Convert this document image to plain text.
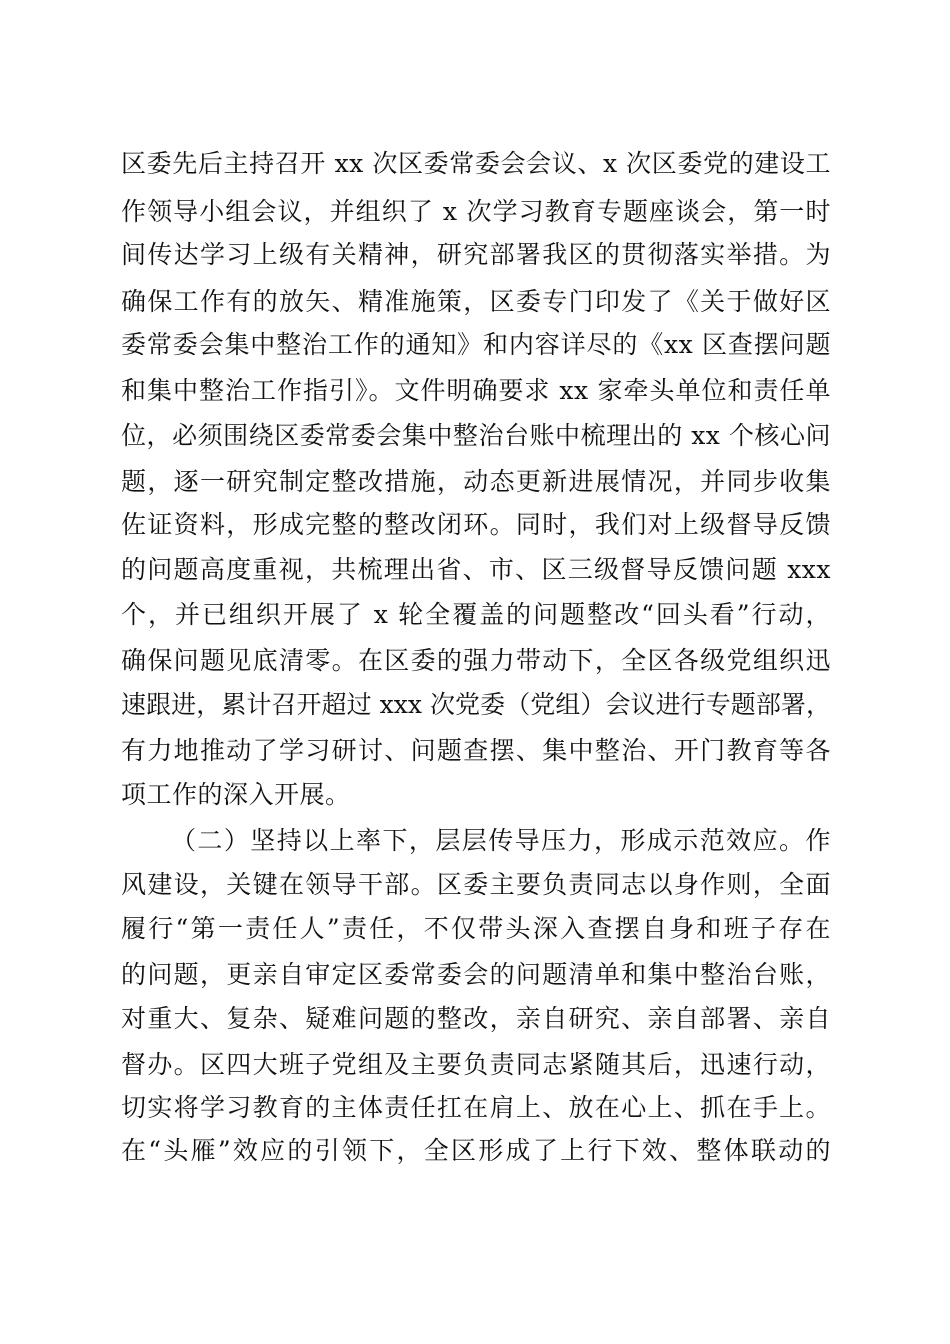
区委先后主持召开 xx 次区委常委会会议、x 次区委党的建设工
作领导小组会议，并组织了 x 次学习教育专题座谈会，第一时
间传达学习上级有关精神，研究部署我区的贯彻落实举措。为
确保工作有的放矢、精准施策，区委专门印发了《关于做好区
委常委会集中整治工作的通知》和内容详尽的《xx 区查摆问题
和集中整治工作指引》。文件明确要求 xx 家牵头单位和责任单
位，必须围绕区委常委会集中整治台账中梳理出的 xx 个核心问
题，逐一研究制定整改措施，动态更新进展情况，并同步收集
佐证资料，形成完整的整改闭环。同时，我们对上级督导反馈
的问题高度重视，共梳理出省、市、区三级督导反馈问题 xxx
个，并已组织开展了 x 轮全覆盖的问题整改“回头看”行动，
确保问题见底清零。在区委的强力带动下，全区各级党组织迅
速跟进，累计召开超过 xxx 次党委（党组）会议进行专题部署，
有力地推动了学习研讨、问题查摆、集中整治、开门教育等各
项工作的深入开展。
（二）坚持以上率下，层层传导压力，形成示范效应。作
风建设，关键在领导干部。区委主要负责同志以身作则，全面
履行“第一责任人”责任，不仅带头深入查摆自身和班子存在
的问题，更亲自审定区委常委会的问题清单和集中整治台账，
对重大、复杂、疑难问题的整改，亲自研究、亲自部署、亲自
督办。区四大班子党组及主要负责同志紧随其后，迅速行动，
切实将学习教育的主体责任扛在肩上、放在心上、抓在手上。
在“头雁”效应的引领下，全区形成了上行下效、整体联动的
